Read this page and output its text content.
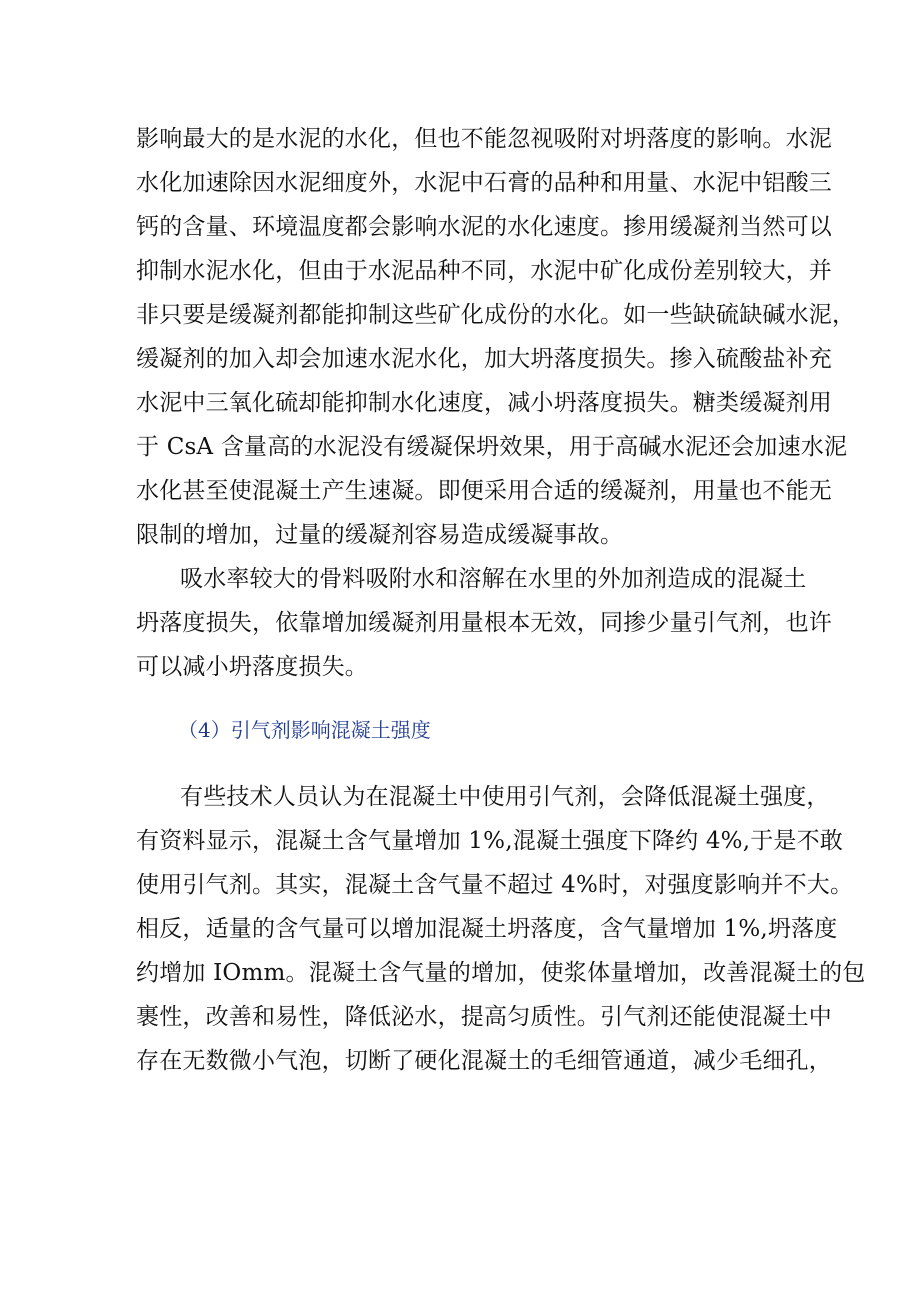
影响最大的是水泥的水化，但也不能忽视吸附对坍落度的影响。水泥
水化加速除因水泥细度外，水泥中石膏的品种和用量、水泥中铝酸三
钙的含量、环境温度都会影响水泥的水化速度。掺用缓凝剂当然可以
抑制水泥水化，但由于水泥品种不同，水泥中矿化成份差别较大，并
非只要是缓凝剂都能抑制这些矿化成份的水化。如一些缺硫缺碱水泥，
缓凝剂的加入却会加速水泥水化，加大坍落度损失。掺入硫酸盐补充
水泥中三氧化硫却能抑制水化速度，减小坍落度损失。糖类缓凝剂用
于 CsA 含量高的水泥没有缓凝保坍效果，用于高碱水泥还会加速水泥
水化甚至使混凝土产生速凝。即便采用合适的缓凝剂，用量也不能无
限制的增加，过量的缓凝剂容易造成缓凝事故。
吸水率较大的骨料吸附水和溶解在水里的外加剂造成的混凝土
坍落度损失，依靠增加缓凝剂用量根本无效，同掺少量引气剂，也许
可以减小坍落度损失。
（4）引气剂影响混凝土强度
有些技术人员认为在混凝土中使用引气剂，会降低混凝土强度，
有资料显示，混凝土含气量增加 1%,混凝土强度下降约 4%,于是不敢
使用引气剂。其实，混凝土含气量不超过 4%时，对强度影响并不大。
相反，适量的含气量可以增加混凝土坍落度，含气量增加 1%,坍落度
约增加 IOmm。混凝土含气量的增加，使浆体量增加，改善混凝土的包
裹性，改善和易性，降低泌水，提高匀质性。引气剂还能使混凝土中
存在无数微小气泡，切断了硬化混凝土的毛细管通道，减少毛细孔，
